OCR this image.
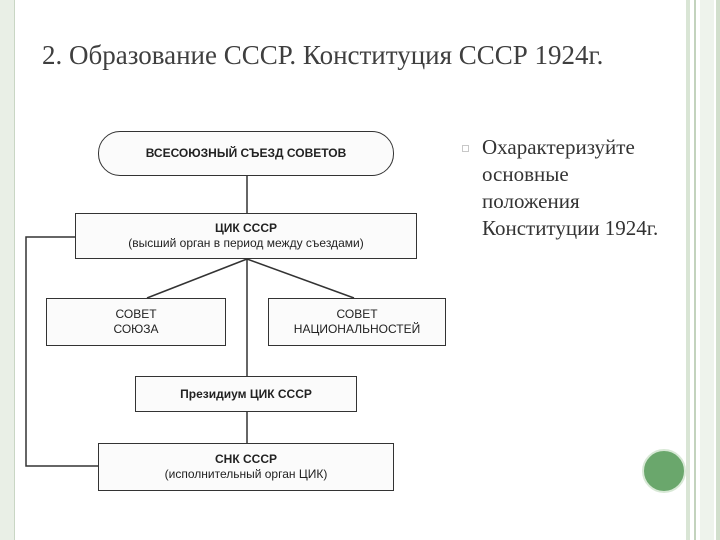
2. Образование СССР. Конституция СССР 1924г.
ВСЕСОЮЗНЫЙ СЪЕЗД СОВЕТОВ
ЦИК СССР
(высший орган в период между съездами)
СОВЕТ
СОЮЗА
СОВЕТ
НАЦИОНАЛЬНОСТЕЙ
Президиум ЦИК СССР
СНК СССР
(исполнительный орган ЦИК)
Охарактеризуйте основные положения Конституции 1924г.
